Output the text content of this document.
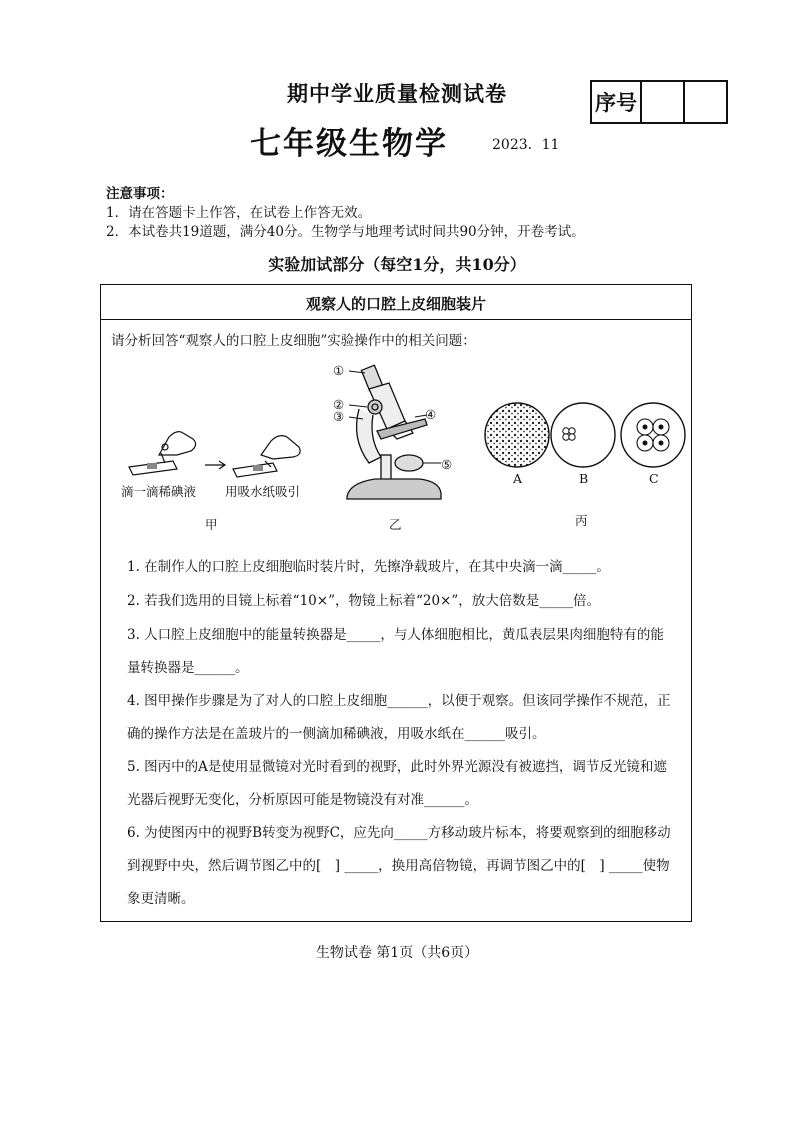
期中学业质量检测试卷
七年级生物学	2023．11
序号
注意事项：
1．请在答题卡上作答，在试卷上作答无效。
2．本试卷共19道题，满分40分。生物学与地理考试时间共90分钟，开卷考试。
实验加试部分（每空1分，共10分）
观察人的口腔上皮细胞装片
请分析回答“观察人的口腔上皮细胞”实验操作中的相关问题：
滴一滴稀碘液 用吸水纸吸引
甲
①
②
③	④
⑤
乙
A	B	C
丙
1. 在制作人的口腔上皮细胞临时装片时，先擦净载玻片，在其中央滴一滴_____。
2. 若我们选用的目镜上标着“10×”，物镜上标着“20×”，放大倍数是_____倍。
3. 人口腔上皮细胞中的能量转换器是_____，与人体细胞相比，黄瓜表层果肉细胞特有的能量转换器是______。
4. 图甲操作步骤是为了对人的口腔上皮细胞______，以便于观察。但该同学操作不规范，正确的操作方法是在盖玻片的一侧滴加稀碘液，用吸水纸在______吸引。
5. 图丙中的A是使用显微镜对光时看到的视野，此时外界光源没有被遮挡，调节反光镜和遮光器后视野无变化，分析原因可能是物镜没有对准______。
6. 为使图丙中的视野B转变为视野C，应先向_____方移动玻片标本，将要观察到的细胞移动到视野中央，然后调节图乙中的[　] _____，换用高倍物镜，再调节图乙中的[　] _____使物象更清晰。
生物试卷 第1页（共6页）
